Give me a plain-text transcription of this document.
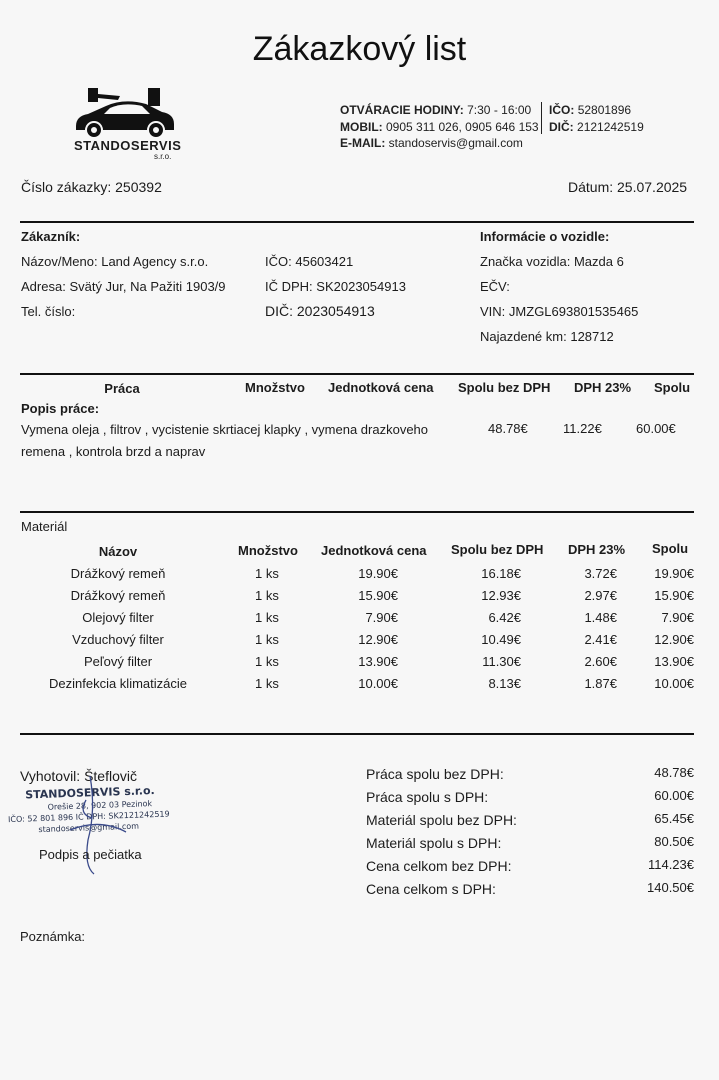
Zákazkový list
STANDOSERVIS
s.r.o.
OTVÁRACIE HODINY: 7:30 - 16:00
MOBIL: 0905 311 026, 0905 646 153
E-MAIL: standoservis@gmail.com
IČO: 52801896
DIČ: 2121242519
Číslo zákazky: 250392	Dátum: 25.07.2025
Zákazník:
Názov/Meno: Land Agency s.r.o.
Adresa: Svätý Jur, Na Pažiti 1903/9
Tel. číslo:
IČO: 45603421
IČ DPH: SK2023054913
DIČ: 2023054913
Informácie o vozidle:
Značka vozidla: Mazda 6
EČV:
VIN: JMZGL693801535465
Najazdené km: 128712
Práca	Množstvo Jednotková cena Spolu bez DPH DPH 23% Spolu
Popis práce:
Vymena oleja , filtrov , vycistenie skrtiacej klapky , vymena drazkoveho
remena , kontrola brzd a naprav
48.78€	11.22€	60.00€
Materiál
Názov	Množstvo Jednotková cena Spolu bez DPH DPH 23% Spolu
Drážkový remeň	1 ks	19.90€	16.18€	3.72€	19.90€
Drážkový remeň	1 ks	15.90€	12.93€	2.97€	15.90€
Olejový filter	1 ks	7.90€	6.42€	1.48€	7.90€
Vzduchový filter	1 ks	12.90€	10.49€	2.41€	12.90€
Peľový filter	1 ks	13.90€	11.30€	2.60€	13.90€
Dezinfekcia klimatizácie	1 ks	10.00€	8.13€	1.87€	10.00€
Vyhotovil: Šteflovič
STANDOSERVIS s.r.o.
Orešie 28, 902 03 Pezinok
IČO: 52 801 896 IČ DPH: SK2121242519
standoservis@gmail.com
Podpis a pečiatka
Práca spolu bez DPH:	48.78€
Práca spolu s DPH:	60.00€
Materiál spolu bez DPH:	65.45€
Materiál spolu s DPH:	80.50€
Cena celkom bez DPH:	114.23€
Cena celkom s DPH:	140.50€
Poznámka:
